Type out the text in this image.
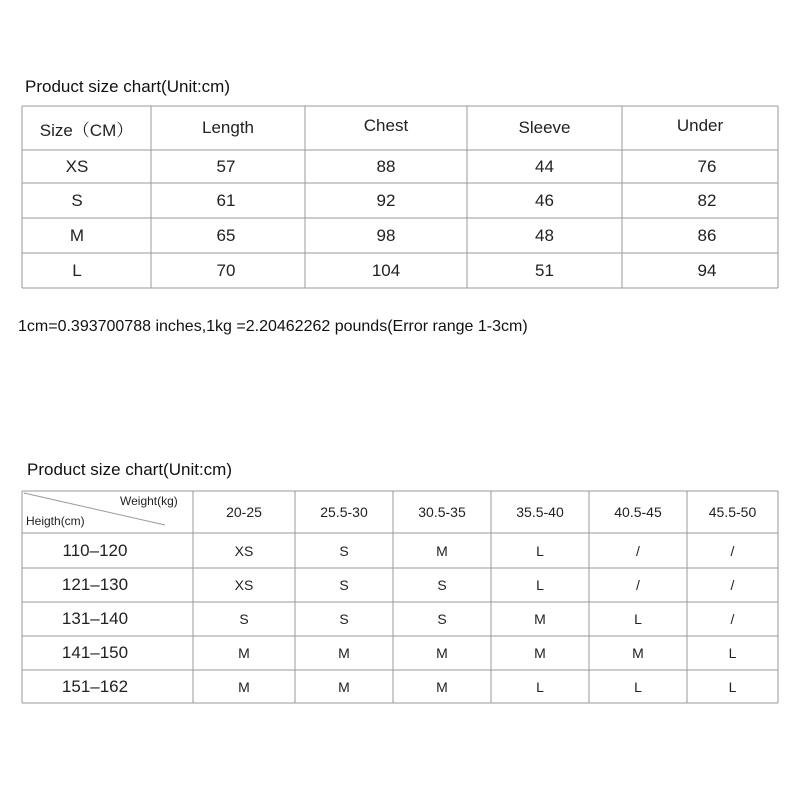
Product size chart(Unit:cm)
Size（CM）	Length	Chest	Sleeve	Under
XS	57	88	44	76
S	61	92	46	82
M	65	98	48	86
L	70	104	51	94
1cm=0.393700788 inches,1kg =2.20462262 pounds(Error range 1-3cm)
Product size chart(Unit:cm)
Weight(kg)
Heigth(cm)
20-25	25.5-30	30.5-35	35.5-40	40.5-45	45.5-50
110–120	XS	S	M	L	/	/
121–130	XS	S	S	L	/	/
131–140	S	S	S	M	L	/
141–150	M	M	M	M	M	L
151–162	M	M	M	L	L	L
